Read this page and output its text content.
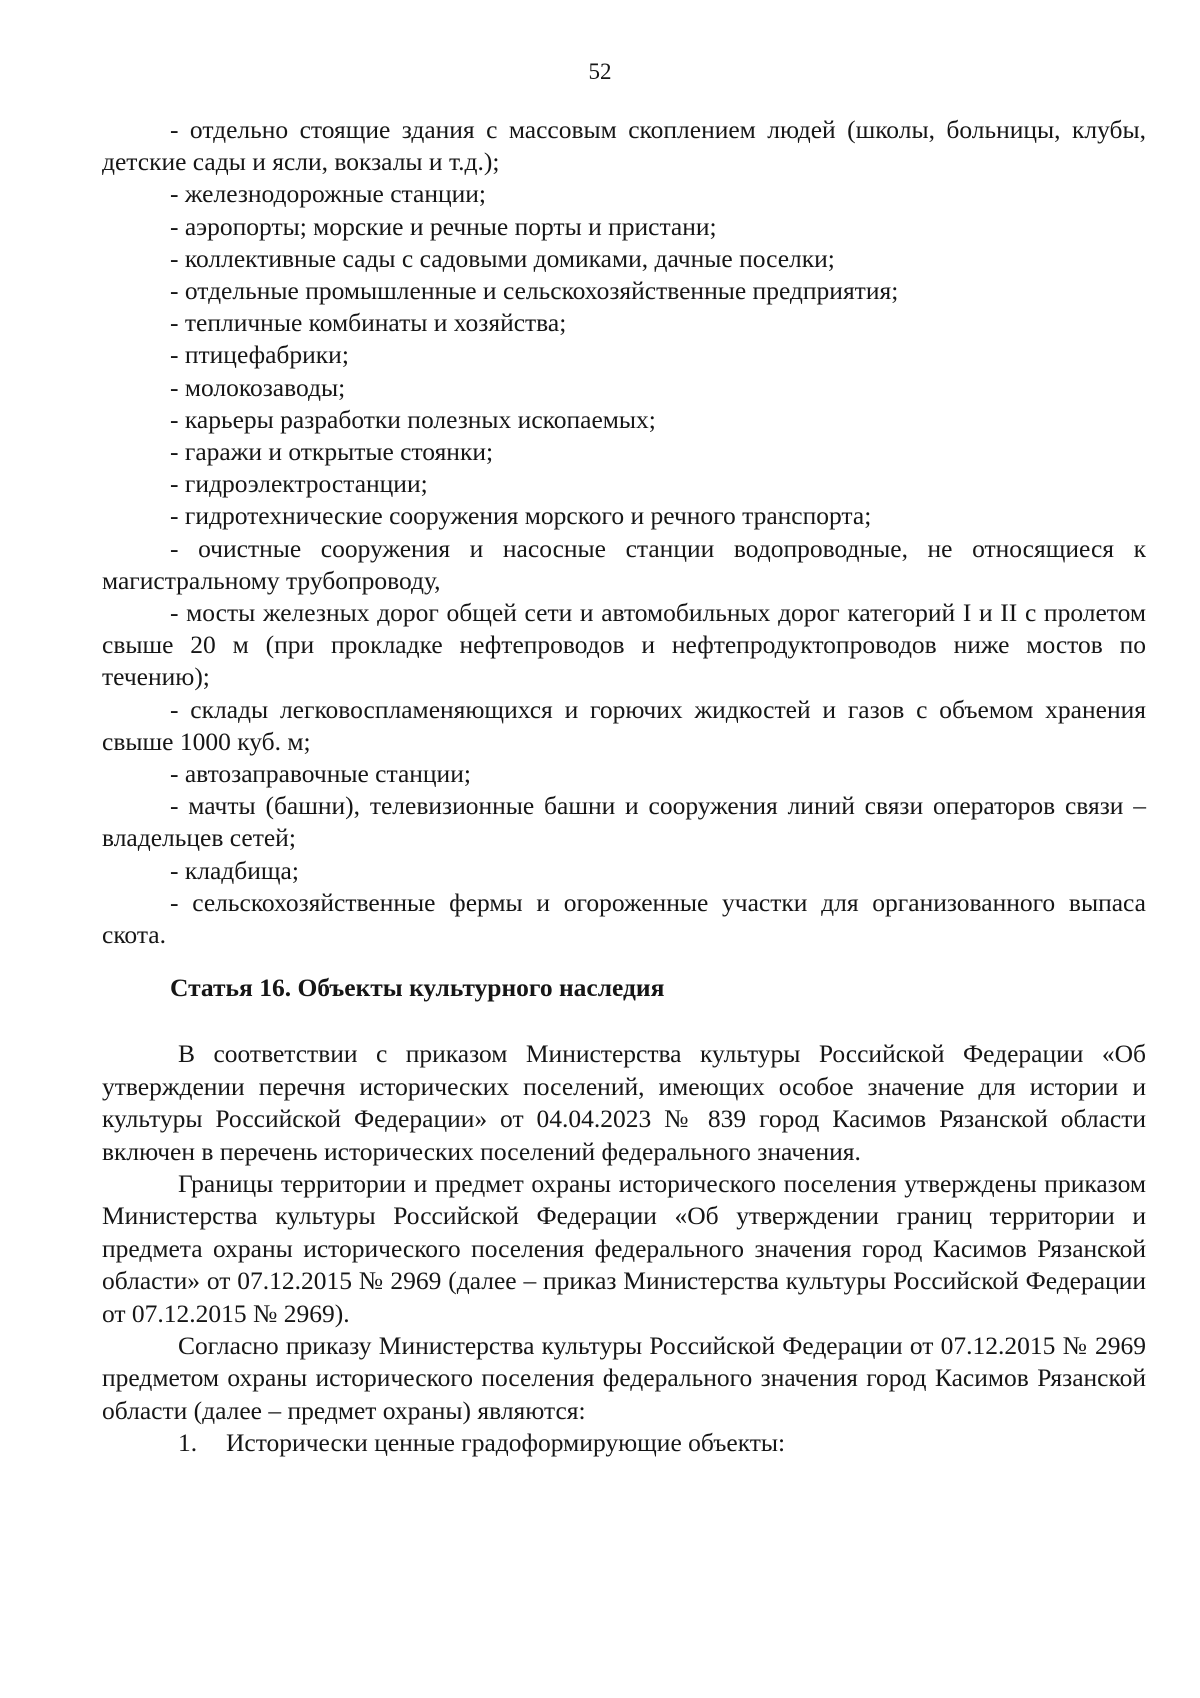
52

- отдельно стоящие здания с массовым скоплением людей (школы, больницы, клубы, детские сады и ясли, вокзалы и т.д.);

- железнодорожные станции;

- аэропорты; морские и речные порты и пристани;

- коллективные сады с садовыми домиками, дачные поселки;

- отдельные промышленные и сельскохозяйственные предприятия;

- тепличные комбинаты и хозяйства;

- птицефабрики;

- молокозаводы;

- карьеры разработки полезных ископаемых;

- гаражи и открытые стоянки;

- гидроэлектростанции;

- гидротехнические сооружения морского и речного транспорта;

- очистные сооружения и насосные станции водопроводные, не относящиеся к магистральному трубопроводу,

- мосты железных дорог общей сети и автомобильных дорог категорий I и II с пролетом свыше 20 м (при прокладке нефтепроводов и нефтепродуктопроводов ниже мостов по течению);

- склады легковоспламеняющихся и горючих жидкостей и газов с объемом хранения свыше 1000 куб. м;

- автозаправочные станции;

- мачты (башни), телевизионные башни и сооружения линий связи операторов связи – владельцев сетей;

- кладбища;

- сельскохозяйственные фермы и огороженные участки для организованного выпаса скота.

Статья 16. Объекты культурного наследия

В соответствии с приказом Министерства культуры Российской Федерации «Об утверждении перечня исторических поселений, имеющих особое значение для истории и культуры Российской Федерации» от 04.04.2023 № 839 город Касимов Рязанской области включен в перечень исторических поселений федерального значения.

Границы территории и предмет охраны исторического поселения утверждены приказом Министерства культуры Российской Федерации «Об утверждении границ территории и предмета охраны исторического поселения федерального значения город Касимов Рязанской области» от 07.12.2015 № 2969 (далее – приказ Министерства культуры Российской Федерации от 07.12.2015 № 2969).

Согласно приказу Министерства культуры Российской Федерации от 07.12.2015 № 2969 предметом охраны исторического поселения федерального значения город Касимов Рязанской области (далее – предмет охраны) являются:

1. Исторически ценные градоформирующие объекты:
